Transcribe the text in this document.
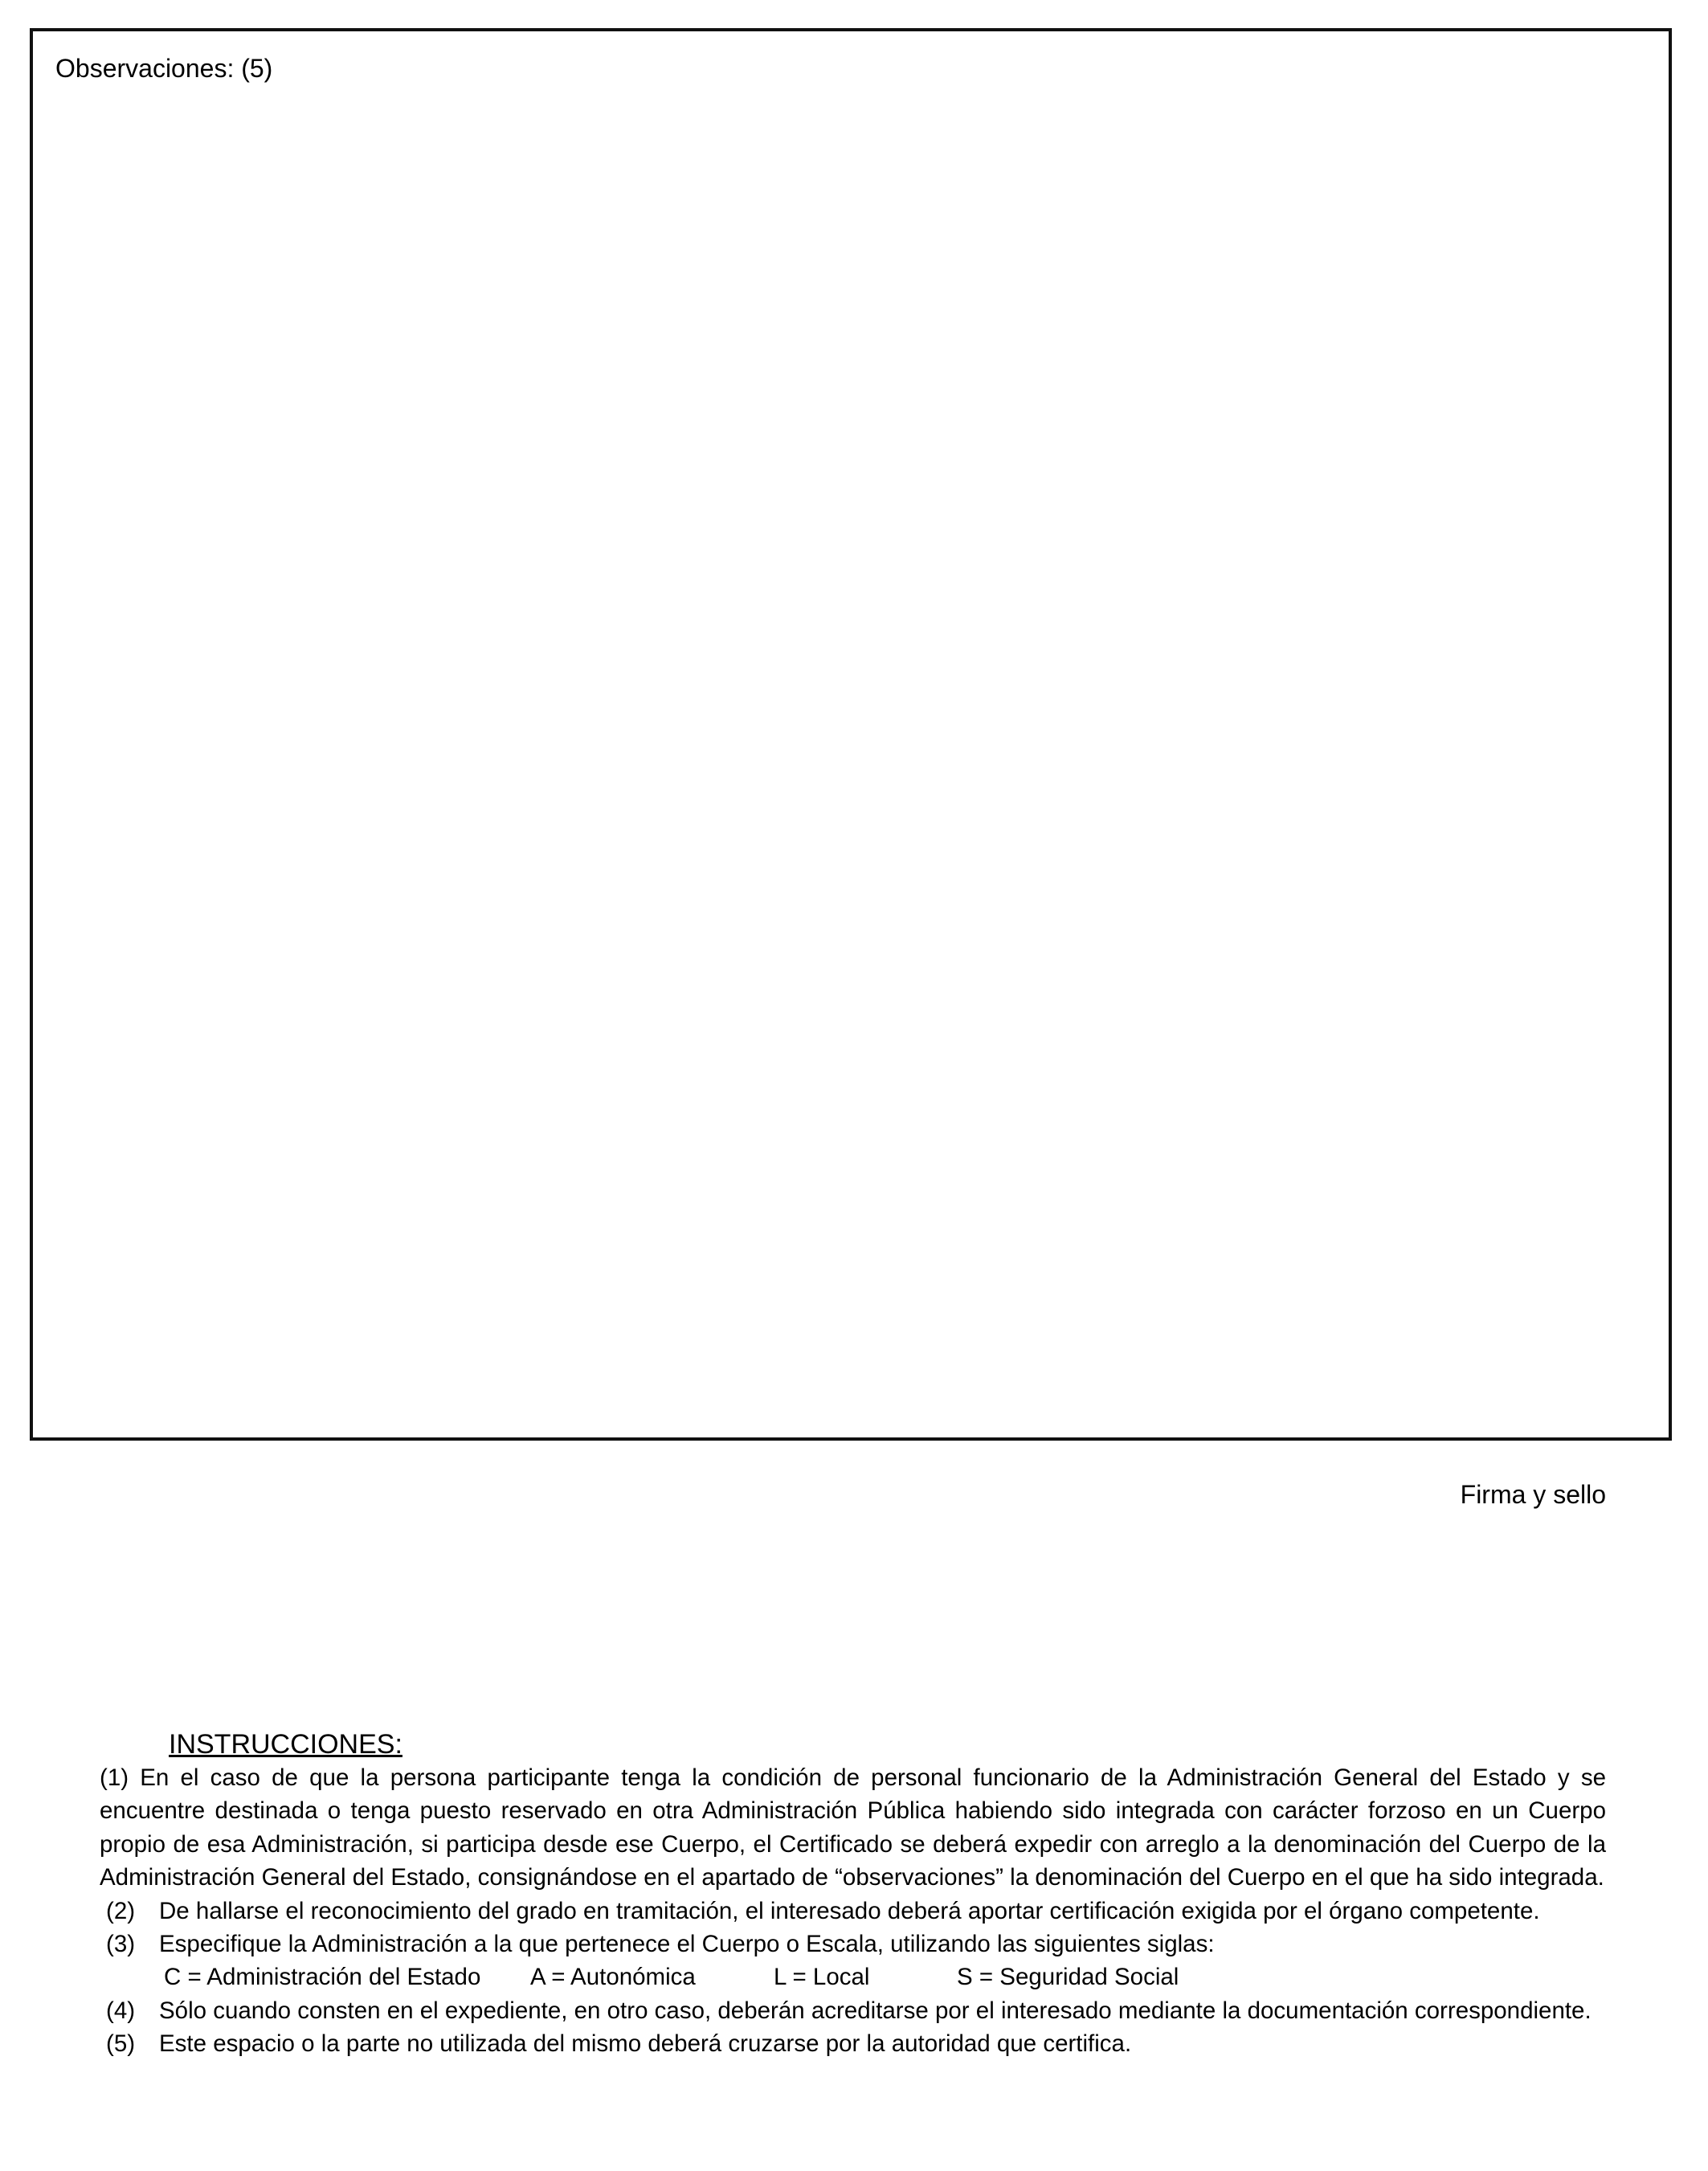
Observaciones: (5)
Firma y sello
INSTRUCCIONES:

(1) En el caso de que la persona participante tenga la condición de personal funcionario de la Administración General del Estado y se encuentre destinada o tenga puesto reservado en otra Administración Pública habiendo sido integrada con carácter forzoso en un Cuerpo propio de esa Administración, si participa desde ese Cuerpo, el Certificado se deberá expedir con arreglo a la denominación del Cuerpo de la Administración General del Estado, consignándose en el apartado de “observaciones” la denominación del Cuerpo en el que ha sido integrada.

(2) De hallarse el reconocimiento del grado en tramitación, el interesado deberá aportar certificación exigida por el órgano competente.

(3) Especifique la Administración a la que pertenece el Cuerpo o Escala, utilizando las siguientes siglas:

C = Administración del Estado A = Autonómica	L = Local	S = Seguridad Social

(4) Sólo cuando consten en el expediente, en otro caso, deberán acreditarse por el interesado mediante la documentación correspondiente.

(5) Este espacio o la parte no utilizada del mismo deberá cruzarse por la autoridad que certifica.
